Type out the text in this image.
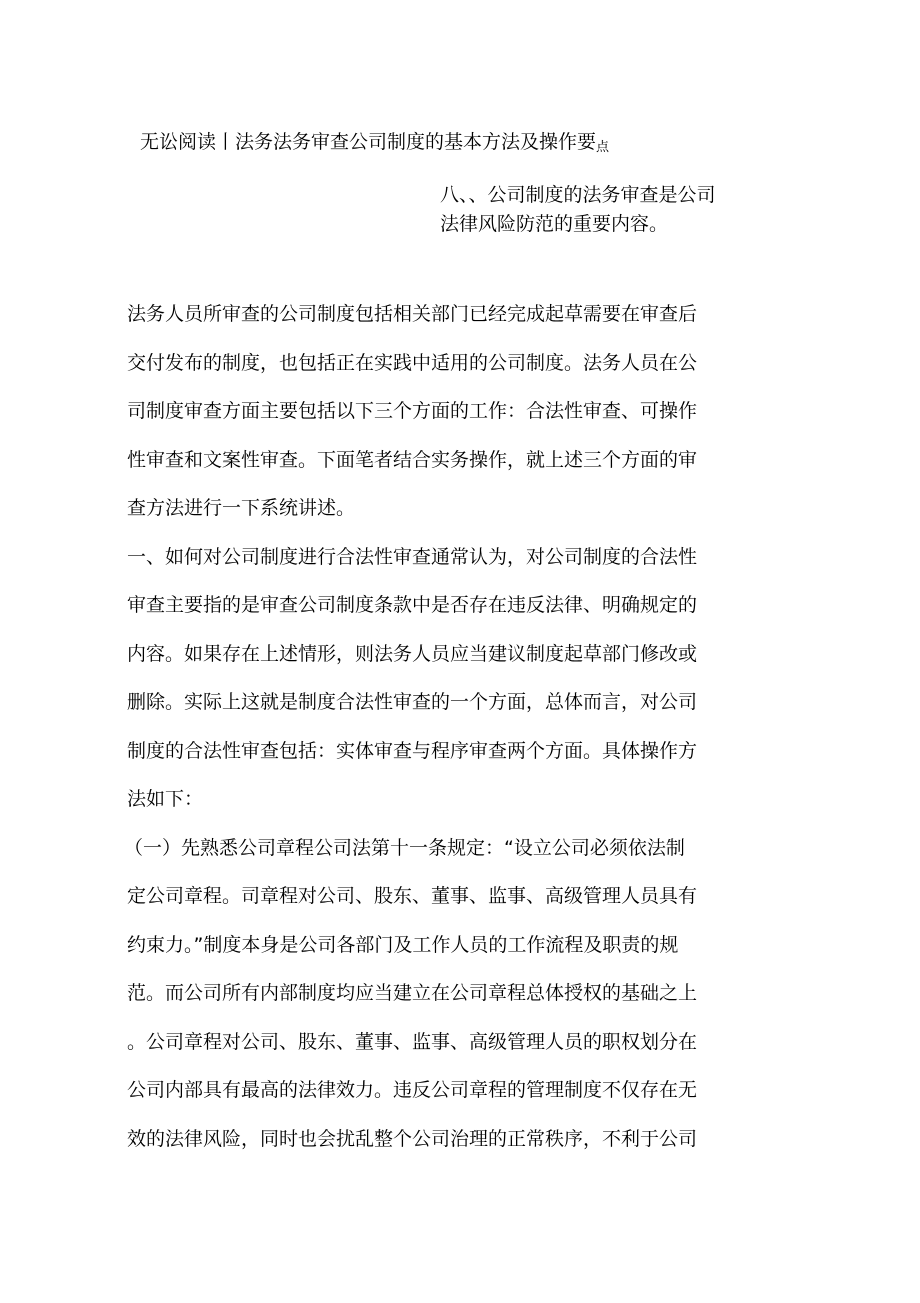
无讼阅读丨法务法务审查公司制度的基本方法及操作要点
八、、公司制度的法务审查是公司
法律风险防范的重要内容。
法务人员所审查的公司制度包括相关部门已经完成起草需要在审查后
交付发布的制度，也包括正在实践中适用的公司制度。法务人员在公
司制度审查方面主要包括以下三个方面的工作：合法性审查、可操作
性审查和文案性审查。下面笔者结合实务操作，就上述三个方面的审
查方法进行一下系统讲述。
一、如何对公司制度进行合法性审查通常认为，对公司制度的合法性
审查主要指的是审查公司制度条款中是否存在违反法律、明确规定的
内容。如果存在上述情形，则法务人员应当建议制度起草部门修改或
删除。实际上这就是制度合法性审查的一个方面，总体而言，对公司
制度的合法性审查包括：实体审查与程序审查两个方面。具体操作方
法如下：
（一）先熟悉公司章程公司法第十一条规定：“设立公司必须依法制
定公司章程。司章程对公司、股东、董事、监事、高级管理人员具有
约束力。”制度本身是公司各部门及工作人员的工作流程及职责的规
范。而公司所有内部制度均应当建立在公司章程总体授权的基础之上
。公司章程对公司、股东、董事、监事、高级管理人员的职权划分在
公司内部具有最高的法律效力。违反公司章程的管理制度不仅存在无
效的法律风险，同时也会扰乱整个公司治理的正常秩序，不利于公司
